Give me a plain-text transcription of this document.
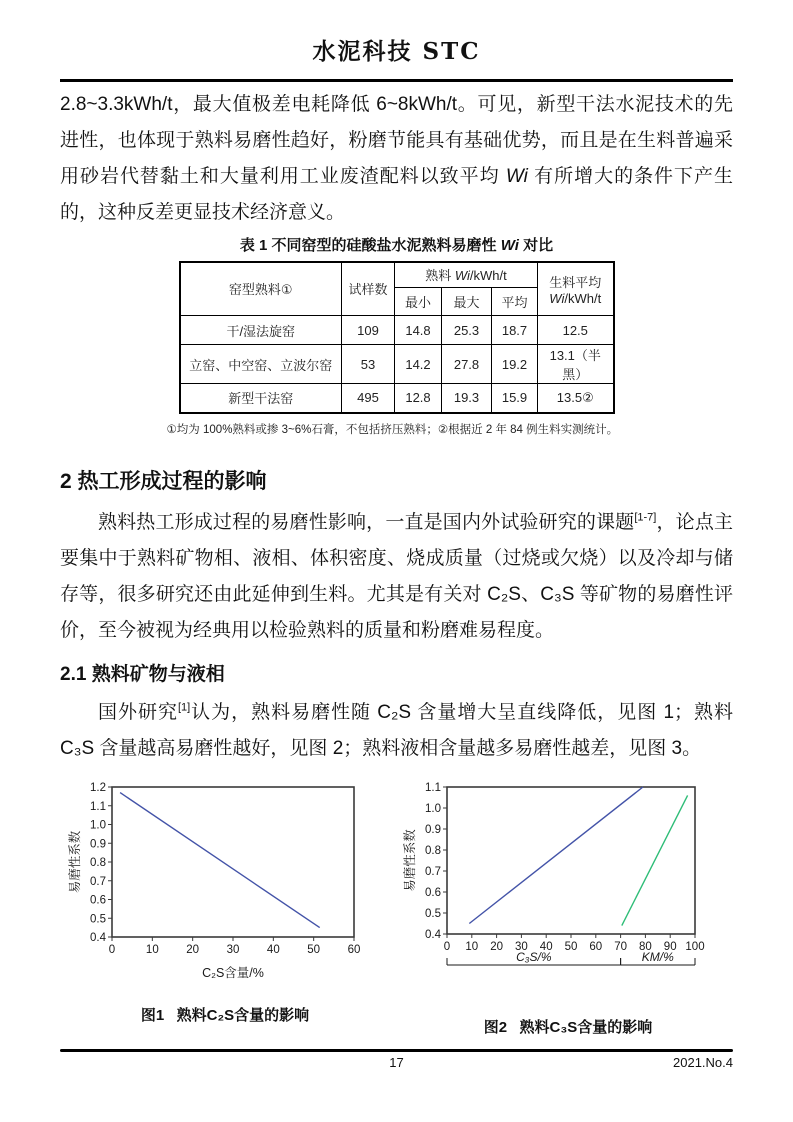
水泥科技 STC

2.8~3.3kWh/t，最大值极差电耗降低 6~8kWh/t。可见，新型干法水泥技术的先进性，也体现于熟料易磨性趋好，粉磨节能具有基础优势，而且是在生料普遍采用砂岩代替黏土和大量利用工业废渣配料以致平均 Wi 有所增大的条件下产生的，这种反差更显技术经济意义。

表 1 不同窑型的硅酸盐水泥熟料易磨性 Wi 对比
窑型熟料①	试样数	熟料 Wi/kWh/t			生料平均
Wi/kWh/t
		最小	最大	平均	
干/湿法旋窑	109	14.8	25.3	18.7	12.5
立窑、中空窑、立波尔窑	53	14.2	27.8	19.2	13.1（半黑）
新型干法窑	495	12.8	19.3	15.9	13.5②
①均为 100%熟料或掺 3~6%石膏，不包括挤压熟料；②根据近 2 年 84 例生料实测统计。
2 热工形成过程的影响

熟料热工形成过程的易磨性影响，一直是国内外试验研究的课题[1-7]，论点主要集中于熟料矿物相、液相、体积密度、烧成质量（过烧或欠烧）以及冷却与储存等，很多研究还由此延伸到生料。尤其是有关对 C₂S、C₃S 等矿物的易磨性评价，至今被视为经典用以检验熟料的质量和粉磨难易程度。

2.1 熟料矿物与液相

国外研究[1]认为，熟料易磨性随 C₂S 含量增大呈直线降低，见图 1；熟料 C₃S 含量越高易磨性越好，见图 2；熟料液相含量越多易磨性越差，见图 3。

0	10 20 30 40 50 60
0.4
0.5
0.6
0.7
0.8
0.9
1.0
1.1
1.2
C₂S含量/%
易磨性系数
图1   熟料C₂S含量的影响
0 10 20 30 40 50 60 70 80 90 100
0.4
0.5
0.6
0.7
0.8
0.9
1.0
1.1
易磨性系数
C₃S/%	KM/%
图2   熟料C₃S含量的影响
17	2021.No.4
